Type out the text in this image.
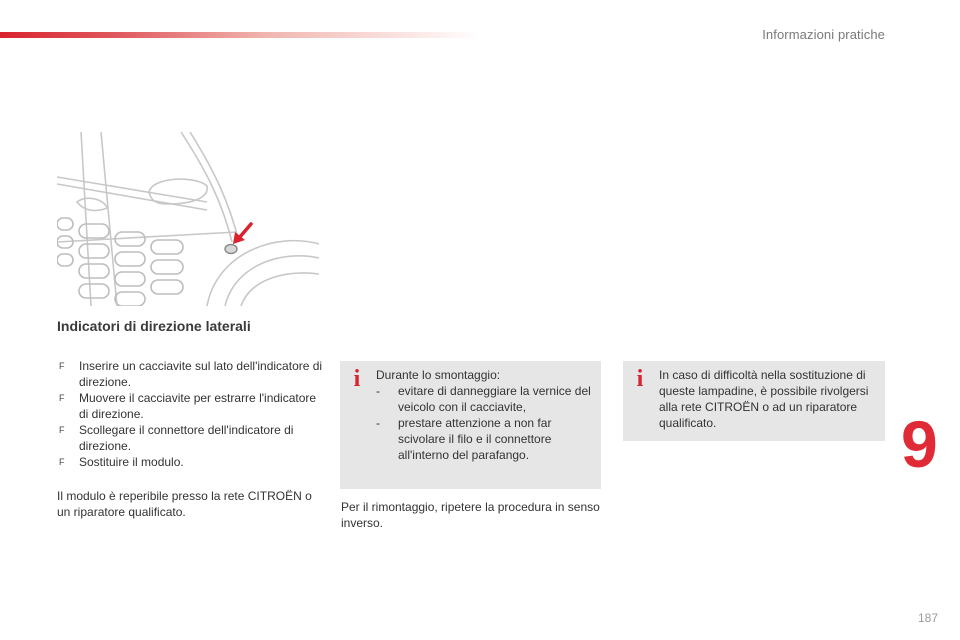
Informazioni pratiche
Indicatori di direzione laterali
F Inserire un cacciavite sul lato dell'indicatore di direzione.
F Muovere il cacciavite per estrarre l'indicatore di direzione.
F Scollegare il connettore dell'indicatore di direzione.
F Sostituire il modulo.
Il modulo è reperibile presso la rete CITROËN o un riparatore qualificato.
i	Durante lo smontaggio:
- evitare di danneggiare la vernice del veicolo con il cacciavite,
- prestare attenzione a non far scivolare il filo e il connettore all'interno del parafango.
Per il rimontaggio, ripetere la procedura in senso inverso.
i	In caso di difficoltà nella sostituzione di queste lampadine, è possibile rivolgersi alla rete CITROËN o ad un riparatore qualificato.	9
187
